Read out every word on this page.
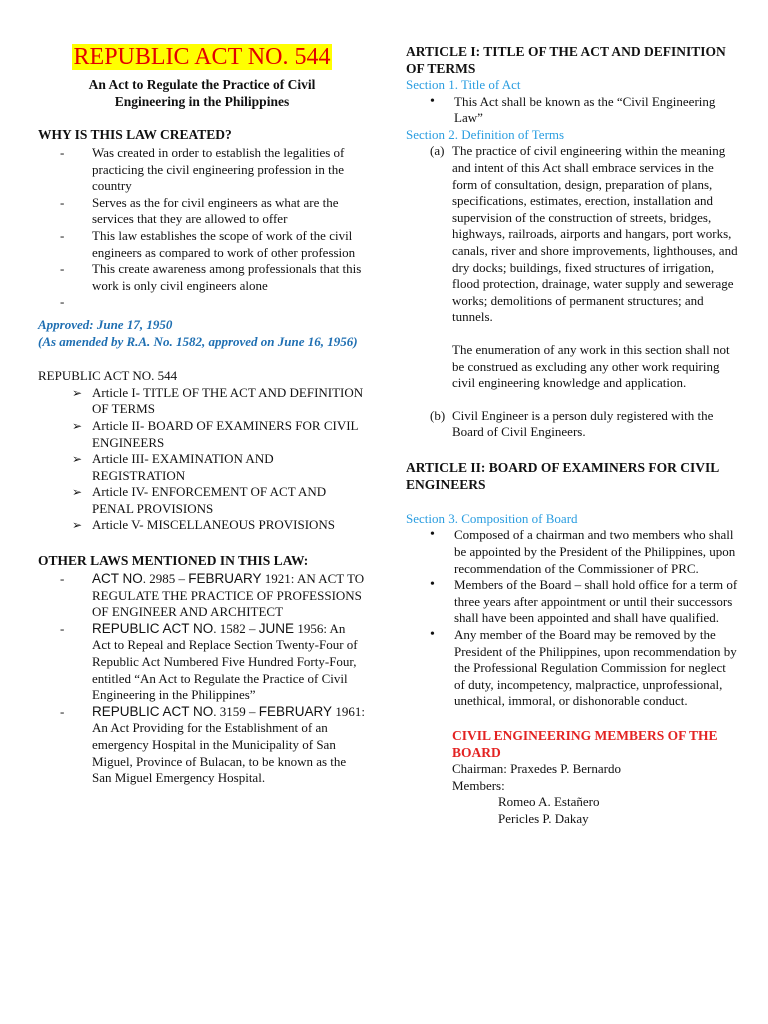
REPUBLIC ACT NO. 544
An Act to Regulate the Practice of Civil Engineering in the Philippines

WHY IS THIS LAW CREATED?

- Was created in order to establish the legalities of practicing the civil engineering profession in the country
- Serves as the for civil engineers as what are the services that they are allowed to offer
- This law establishes the scope of work of the civil engineers as compared to work of other profession
- This create awareness among professionals that this work is only civil engineers alone
-

Approved: June 17, 1950

(As amended by R.A. No. 1582, approved on June 16, 1956)

REPUBLIC ACT NO. 544

➢ Article I- TITLE OF THE ACT AND DEFINITION OF TERMS
➢ Article II- BOARD OF EXAMINERS FOR CIVIL ENGINEERS
➢ Article III- EXAMINATION AND REGISTRATION
➢ Article IV- ENFORCEMENT OF ACT AND PENAL PROVISIONS
➢ Article V- MISCELLANEOUS PROVISIONS

OTHER LAWS MENTIONED IN THIS LAW:

- ACT NO. 2985 – FEBRUARY 1921: AN ACT TO REGULATE THE PRACTICE OF PROFESSIONS OF ENGINEER AND ARCHITECT
- REPUBLIC ACT NO. 1582 – JUNE 1956: An Act to Repeal and Replace Section Twenty-Four of Republic Act Numbered Five Hundred Forty-Four, entitled “An Act to Regulate the Practice of Civil Engineering in the Philippines”
- REPUBLIC ACT NO. 3159 – FEBRUARY 1961: An Act Providing for the Establishment of an emergency Hospital in the Municipality of San Miguel, Province of Bulacan, to be known as the San Miguel Emergency Hospital.

ARTICLE I: TITLE OF THE ACT AND DEFINITION OF TERMS

Section 1. Title of Act

• This Act shall be known as the “Civil Engineering Law”

Section 2. Definition of Terms

(a) The practice of civil engineering within the meaning and intent of this Act shall embrace services in the form of consultation, design, preparation of plans, specifications, estimates, erection, installation and supervision of the construction of streets, bridges, highways, railroads, airports and hangars, port works, canals, river and shore improvements, lighthouses, and dry docks; buildings, fixed structures of irrigation, flood protection, drainage, water supply and sewerage works; demolitions of permanent structures; and tunnels.

The enumeration of any work in this section shall not be construed as excluding any other work requiring civil engineering knowledge and application.

(b) Civil Engineer is a person duly registered with the Board of Civil Engineers.

ARTICLE II: BOARD OF EXAMINERS FOR CIVIL ENGINEERS

Section 3. Composition of Board

• Composed of a chairman and two members who shall be appointed by the President of the Philippines, upon recommendation of the Commissioner of PRC.
• Members of the Board – shall hold office for a term of three years after appointment or until their successors shall have been appointed and shall have qualified.
• Any member of the Board may be removed by the President of the Philippines, upon recommendation by the Professional Regulation Commission for neglect of duty, incompetency, malpractice, unprofessional, unethical, immoral, or dishonorable conduct.

CIVIL ENGINEERING MEMBERS OF THE BOARD

Chairman: Praxedes P. Bernardo

Members:

Romeo A. Estañero

Pericles P. Dakay
